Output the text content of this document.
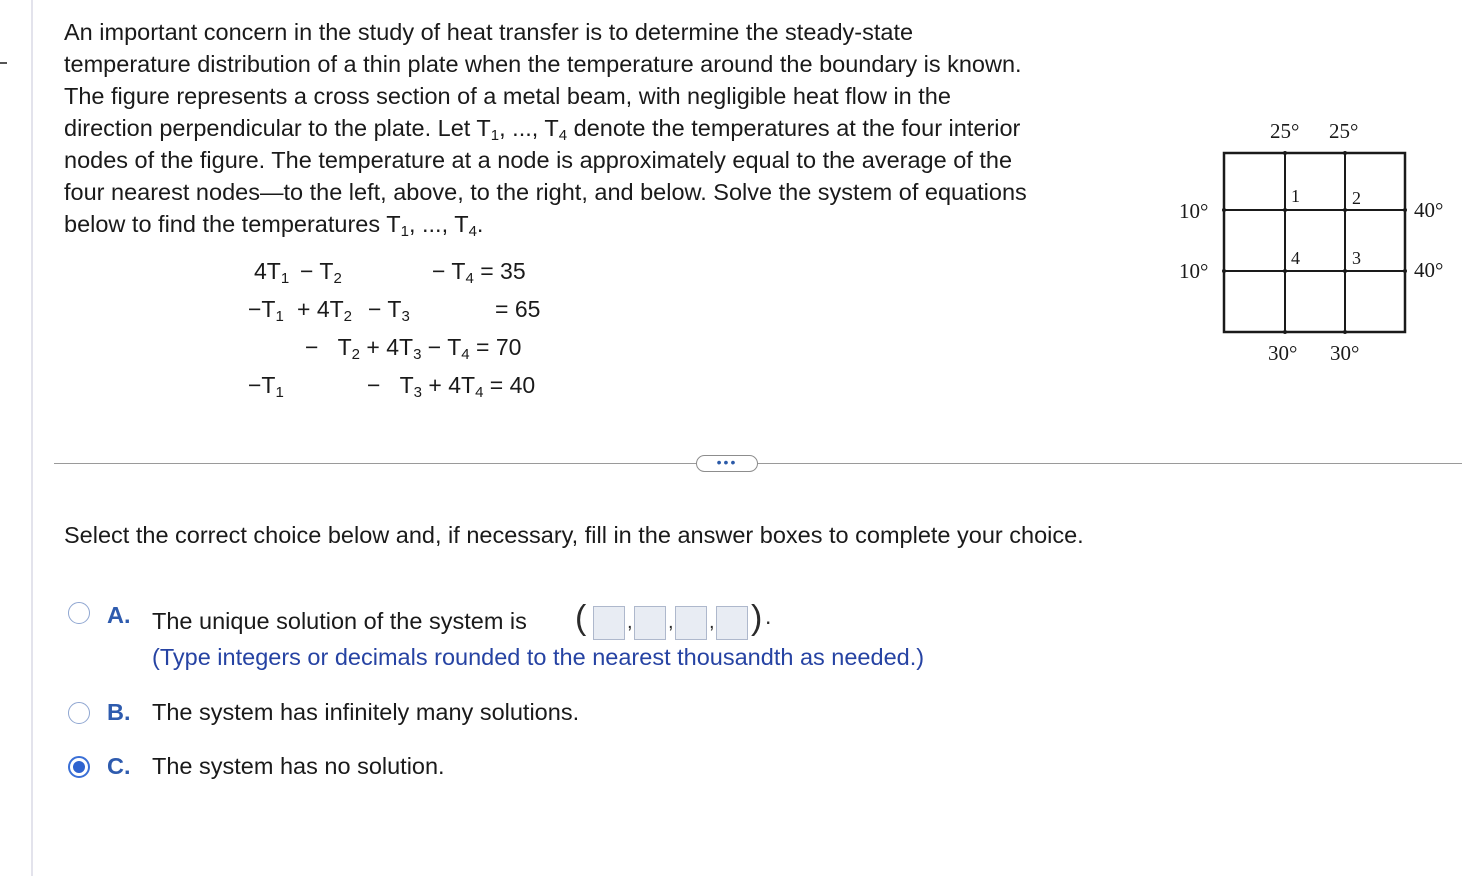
An important concern in the study of heat transfer is to determine the steady-state
temperature distribution of a thin plate when the temperature around the boundary is known.
The figure represents a cross section of a metal beam, with negligible heat flow in the
direction perpendicular to the plate. Let $T_1$, ..., $T_4$ denote the temperatures at the four interior
nodes of the figure. The temperature at a node is approximately equal to the average of the
four nearest nodes—to the left, above, to the right, and below. Solve the system of equations
below to find the temperatures $T_1$, ..., $T_4$.
$4T_1 - T_2$	− $T_4 = 35$
$-T_1 + 4T_2 - T_3$	= 65
− $T_2 + 4T_3 - T_4 = 70$
$-T_1$	− $T_3 + 4T_4 = 40$
25° 25°
10°
10°
40°
40°
30° 30°
1	2
3
4
•••
Select the correct choice below and, if necessary, fill in the answer boxes to complete your choice.
A. The unique solution of the system is ( , , , ) .
(Type integers or decimals rounded to the nearest thousandth as needed.)
B. The system has infinitely many solutions.
C. The system has no solution.
